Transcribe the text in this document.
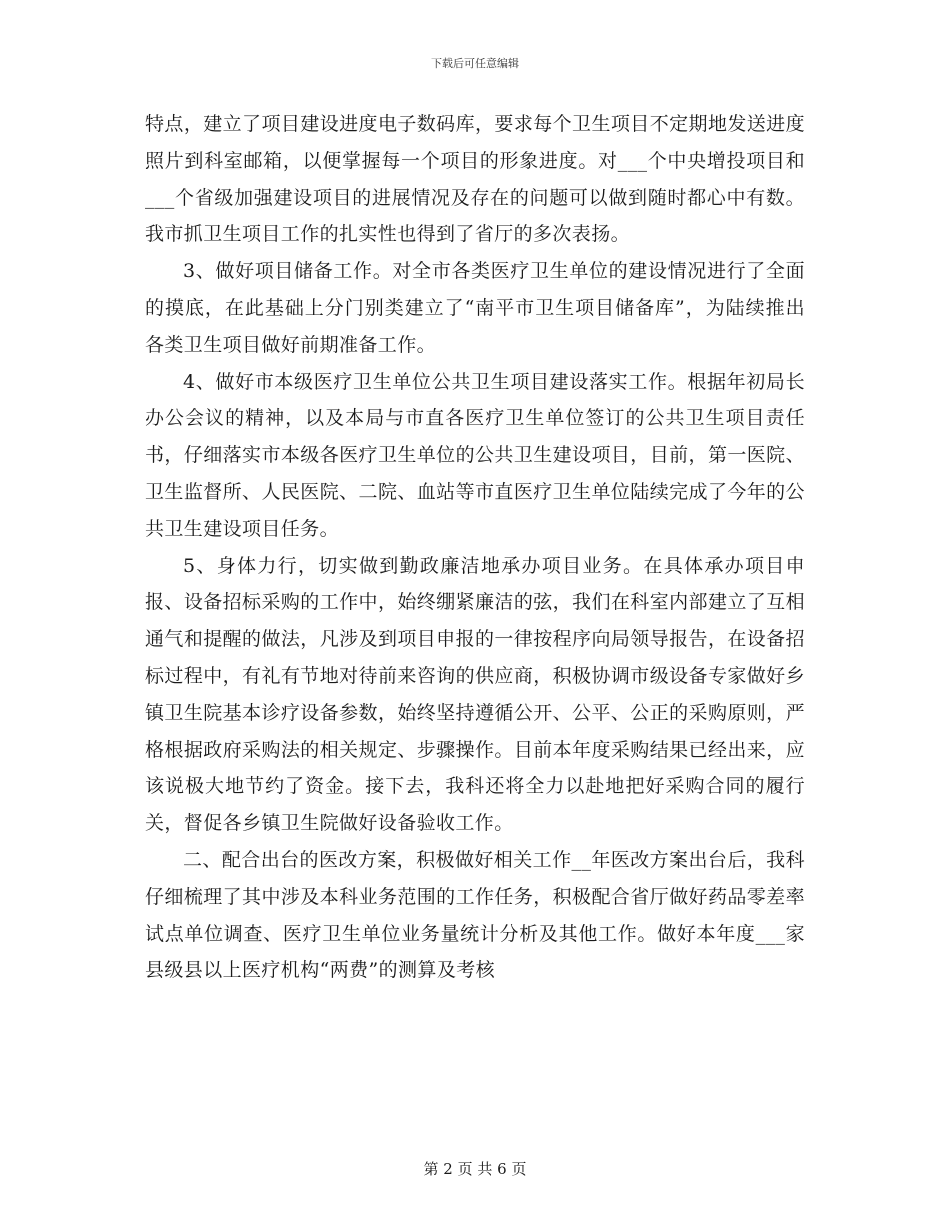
下载后可任意编辑

特点，建立了项目建设进度电子数码库，要求每个卫生项目不定期地发送进度照片到科室邮箱，以便掌握每一个项目的形象进度。对___个中央增投项目和___个省级加强建设项目的进展情况及存在的问题可以做到随时都心中有数。我市抓卫生项目工作的扎实性也得到了省厅的多次表扬。

3、做好项目储备工作。对全市各类医疗卫生单位的建设情况进行了全面的摸底，在此基础上分门别类建立了“南平市卫生项目储备库”，为陆续推出各类卫生项目做好前期准备工作。

4、做好市本级医疗卫生单位公共卫生项目建设落实工作。根据年初局长办公会议的精神，以及本局与市直各医疗卫生单位签订的公共卫生项目责任书，仔细落实市本级各医疗卫生单位的公共卫生建设项目，目前，第一医院、卫生监督所、人民医院、二院、血站等市直医疗卫生单位陆续完成了今年的公共卫生建设项目任务。

5、身体力行，切实做到勤政廉洁地承办项目业务。在具体承办项目申报、设备招标采购的工作中，始终绷紧廉洁的弦，我们在科室内部建立了互相通气和提醒的做法，凡涉及到项目申报的一律按程序向局领导报告，在设备招标过程中，有礼有节地对待前来咨询的供应商，积极协调市级设备专家做好乡镇卫生院基本诊疗设备参数，始终坚持遵循公开、公平、公正的采购原则，严格根据政府采购法的相关规定、步骤操作。目前本年度采购结果已经出来，应该说极大地节约了资金。接下去，我科还将全力以赴地把好采购合同的履行关，督促各乡镇卫生院做好设备验收工作。

二、配合出台的医改方案，积极做好相关工作__年医改方案出台后，我科仔细梳理了其中涉及本科业务范围的工作任务，积极配合省厅做好药品零差率试点单位调查、医疗卫生单位业务量统计分析及其他工作。做好本年度___家县级县以上医疗机构“两费”的测算及考核

第 2 页 共 6 页
